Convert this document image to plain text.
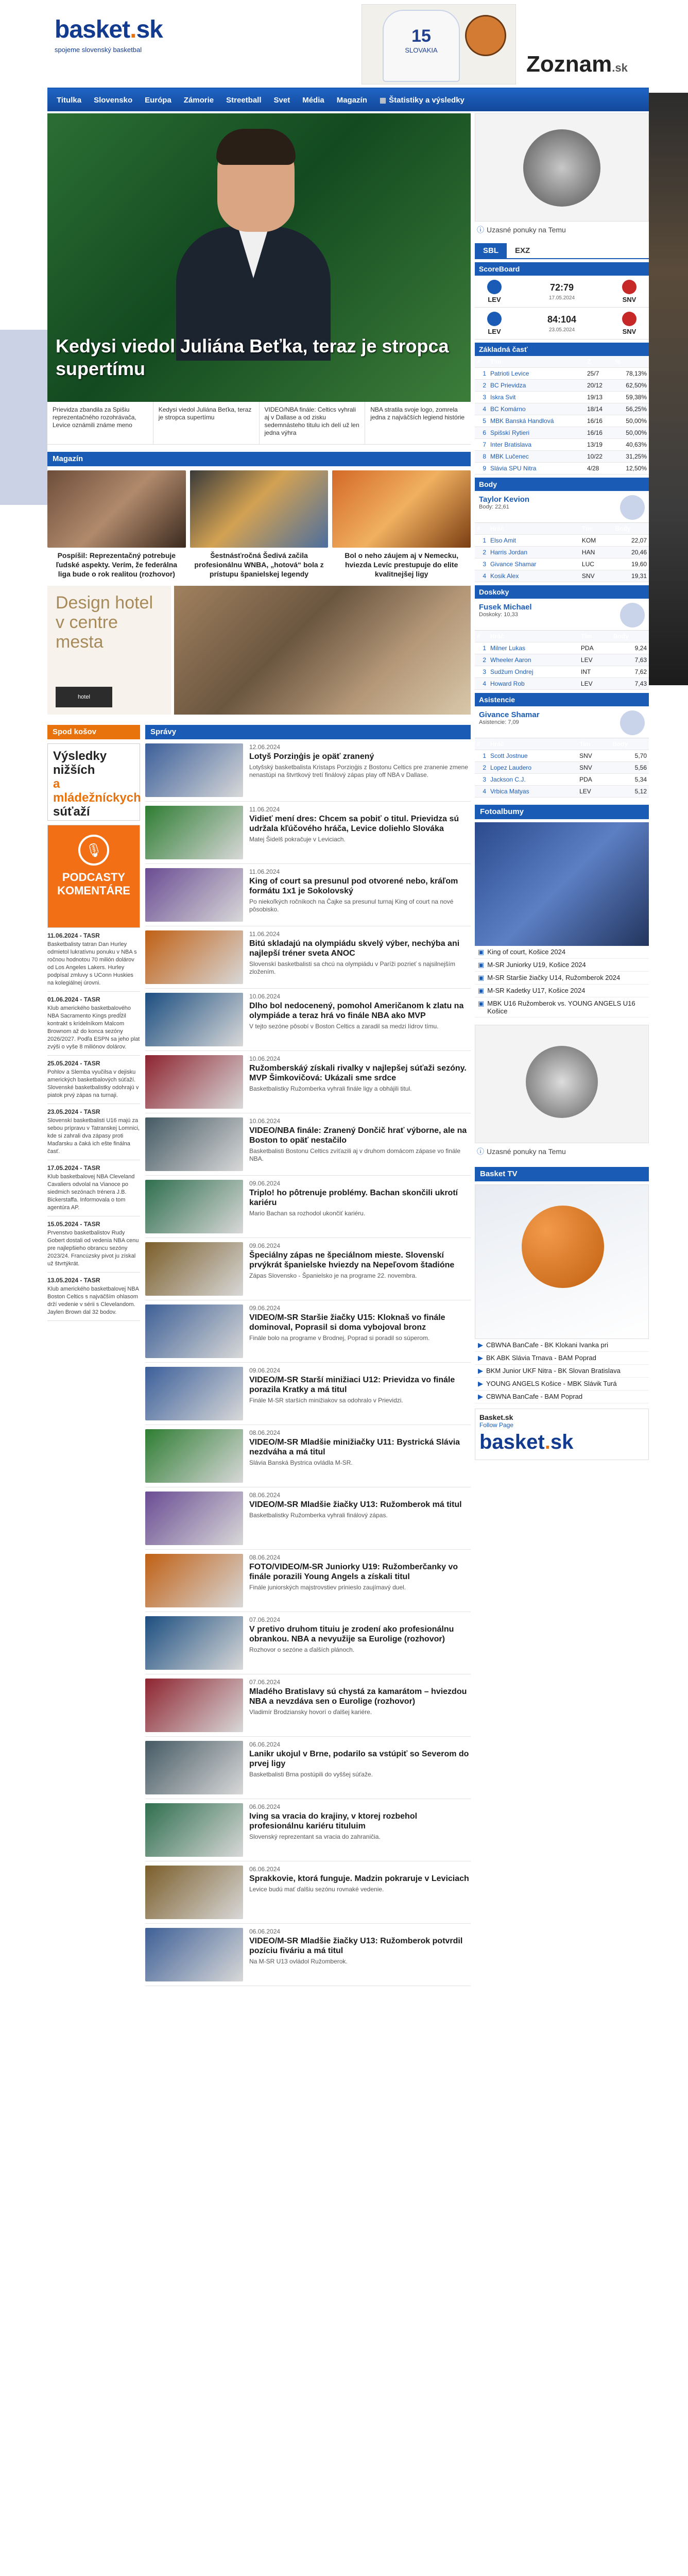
basket.sk
spojeme slovenský basketbal
15
SLOVAKIA
Zoznam.sk
Titulka Slovensko Európa Zámorie Streetball Svet Média Magazín ▦ Štatistiky a výsledky
Kedysi viedol Juliána Beťka, teraz je stropca supertímu
Prievidza zbandila za Spišiu reprezentačného rozohrávača, Levice oznámili známe meno
Kedysi viedol Juliána Beťka, teraz je stropca supertímu
VIDEO/NBA finále: Celtics vyhrali aj v Dallase a od zisku sedemnásteho titulu ich delí už len jedna výhra
NBA stratila svoje logo, zomrela jedna z najväčších legiend histórie
Magazín
Pospíšil: Reprezentačný potrebuje ľudské aspekty. Verím, že federálna liga bude o rok realitou (rozhovor)
Šestnásťročná Šedivá začila profesionálnu WNBA, „hotová“ bola z prístupu španielskej legendy
Bol o neho záujem aj v Nemecku, hviezda Levíc prestupuje do elite kvalitnejšej ligy
Design hotel v centre mesta
hotel
Spod košov
Výsledky nižších
a mládežníckych
súťaží
🎙
PODCASTY
KOMENTÁRE
11.06.2024 - TASR
Basketbalisty tatran Dan Hurley odmietol lukratívnu ponuku v NBA s ročnou hodnotou 70 milión dolárov od Los Angeles Lakers. Hurley podpísal zmluvy s UConn Huskies na kolegiálnej úrovni.
01.06.2024 - TASR
Klub amerického basketbalového NBA Sacramento Kings predĺžil kontrakt s krídelníkom Malcom Brownom až do konca sezóny 2026/2027. Podľa ESPN sa jeho plat zvýši o vyše 8 miliónov dolárov.
25.05.2024 - TASR
Pohlov a Slemba vyučilsa v dejisku amerických basketbalových súťaží. Slovenské basketbalistky odohrajú v piatok prvý zápas na turnaji.
23.05.2024 - TASR
Slovenskí basketbalisti U16 majú za sebou prípravu v Tatranskej Lomnici, kde si zahrali dva zápasy proti Maďarsku a čaká ich ešte finálna časť.
17.05.2024 - TASR
Klub basketbalovej NBA Cleveland Cavaliers odvolal na Vianoce po siedmich sezónach trénera J.B. Bickerstaffa. Informovala o tom agentúra AP.
15.05.2024 - TASR
Prvenstvo basketbalistov Rudy Gobert dostali od vedenia NBA cenu pre najlepšieho obrancu sezóny 2023/24. Francúzsky pivot ju získal už štvrtýkrát.
13.05.2024 - TASR
Klub amerického basketbalovej NBA Boston Celtics s najväčším ohlasom drží vedenie v sérii s Clevelandom. Jaylen Brown dal 32 bodov.
Správy
12.06.2024
Lotyš Porziņģis je opäť zranený
Lotyšský basketbalista Kristaps Porziņģis z Bostonu Celtics pre zranenie zmene nenastúpi na štvrtkový tretí finálový zápas play off NBA v Dallase.
11.06.2024
Vidieť mení dres: Chcem sa pobiť o titul. Prievidza sú udržala kľúčového hráča, Levice doliehlo Slováka
Matej Šidelš pokračuje v Leviciach.
11.06.2024
King of court sa presunul pod otvorené nebo, kráľom formátu 1x1 je Sokolovský
Po niekoľkých ročníkoch na Čajke sa presunul turnaj King of court na nové pôsobisko.
11.06.2024
Bitú skladajú na olympiádu skvelý výber, nechýba ani najlepší tréner sveta ANOC
Slovenskí basketbalisti sa chcú na olympiádu v Paríži pozrieť s najsilnejším zložením.
10.06.2024
Dlho bol nedocenený, pomohol Američanom k zlatu na olympiáde a teraz hrá vo finále NBA ako MVP
V tejto sezóne pôsobí v Boston Celtics a zaradil sa medzi lídrov tímu.
10.06.2024
Ružomberskáý získali rivalky v najlepšej súťaži sezóny. MVP Šimkovičová: Ukázali sme srdce
Basketbalistky Ružomberka vyhrali finále ligy a obhájili titul.
10.06.2024
VIDEO/NBA finále: Zranený Dončič hrať výborne, ale na Boston to opäť nestačilo
Basketbalisti Bostonu Celtics zvíťazili aj v druhom domácom zápase vo finále NBA.
09.06.2024
Triplo! ho pôtrenuje problémy. Bachan skončili ukrotí kariéru
Mario Bachan sa rozhodol ukončiť kariéru.
09.06.2024
Špeciálny zápas ne špeciálnom mieste. Slovenskí prvýkrát španielske hviezdy na Nepeľovom štadióne
Zápas Slovensko - Španielsko je na programe 22. novembra.
09.06.2024
VIDEO/M-SR Staršie žiačky U15: Kloknaš vo finále dominoval, Poprasil si doma vybojoval bronz
Finále bolo na programe v Brodnej, Poprad si poradil so súperom.
09.06.2024
VIDEO/M-SR Starší minižiaci U12: Prievidza vo finále porazila Kratky a má titul
Finále M-SR starších minižiakov sa odohralo v Prievidzi.
08.06.2024
VIDEO/M-SR Mladšie minižiačky U11: Bystrická Slávia nezdváha a má titul
Slávia Banská Bystrica ovládla M-SR.
08.06.2024
VIDEO/M-SR Mladšie žiačky U13: Ružomberok má titul
Basketbalistky Ružomberka vyhrali finálový zápas.
08.06.2024
FOTO/VIDEO/M-SR Juniorky U19: Ružomberčanky vo finále porazili Young Angels a získali titul
Finále juniorských majstrovstiev prinieslo zaujímavý duel.
07.06.2024
V pretivo druhom tituiu je zrodení ako profesionálnu obrankou. NBA a nevyužije sa Eurolige (rozhovor)
Rozhovor o sezóne a ďalších plánoch.
07.06.2024
Mladého Bratislavy sú chystá za kamarátom – hviezdou NBA a nevzdáva sen o Eurolige (rozhovor)
Vladimír Brodziansky hovorí o ďalšej kariére.
06.06.2024
Lanikr ukojul v Brne, podarilo sa vstúpiť so Severom do prvej ligy
Basketbalisti Brna postúpili do vyššej súťaže.
06.06.2024
Iving sa vracia do krajiny, v ktorej rozbehol profesionálnu kariéru tituluim
Slovenský reprezentant sa vracia do zahraničia.
06.06.2024
Sprakkovie, ktorá funguje. Madzin pokraruje v Leviciach
Levice budú mať ďalšiu sezónu rovnaké vedenie.
06.06.2024
VIDEO/M-SR Mladšie žiačky U13: Ružomberok potvrdil pozíciu fiváriu a má titul
Na M-SR U13 ovládol Ružomberok.
ⓘ Uzasné ponuky na Temu
SBL	EXZ
ScoreBoard
LEV
72:79
17.05.2024	SNV
LEV
84:104
23.05.2024	SNV
Základná časť
#	Tím	Z	%
1	Patrioti Levice	25/7	78,13%
2	BC Prievidza	20/12	62,50%
3	Iskra Svit	19/13	59,38%
4	BC Komárno	18/14	56,25%
5	MBK Banská Handlová	16/16	50,00%
6	Spišskí Rytieri	16/16	50,00%
7	Inter Bratislava	13/19	40,63%
8	MBK Lučenec	10/22	31,25%
9	Slávia SPU Nitra	4/28	12,50%
Body
Taylor Kevion
Body: 22,61
#	Hráč	Tím	Body
1	Elso Amit	KOM	22,07
2	Harris Jordan	HAN	20,46
3	Givance Shamar	LUC	19,60
4	Kosik Alex	SNV	19,31
Doskoky
Fusek Michael
Doskoky: 10,33
#	Hráč	Tím	Body
1	Milner Lukas	PDA	9,24
2	Wheeler Aaron	LEV	7,63
3	Sudžum Ondrej	INT	7,62
4	Howard Rob	LEV	7,43
Asistencie
Givance Shamar
Asistencie: 7,09
#	Hráč	Tím	Body
1	Scott Jostnue	SNV	5,70
2	Lopez Laudero	SNV	5,56
3	Jackson C.J.	PDA	5,34
4	Vrbica Matyas	LEV	5,12
Fotoalbumy
▣ King of court, Košice 2024
▣ M-SR Juniorky U19, Košice 2024
▣ M-SR Staršie žiačky U14, Ružomberok 2024
▣ M-SR Kadetky U17, Košice 2024
▣ MBK U16 Ružomberok vs. YOUNG ANGELS U16 Košice
ⓘ Uzasné ponuky na Temu
Basket TV
▶ CBWNA BanCafe - BK Klokani Ivanka pri
▶ BK ABK Slávia Trnava - BAM Poprad
▶ BKM Junior UKF Nitra - BK Slovan Bratislava
▶ YOUNG ANGELS Košice - MBK Slávik Turá
▶ CBWNA BanCafe - BAM Poprad
Basket.sk
Follow Page
basket.sk
